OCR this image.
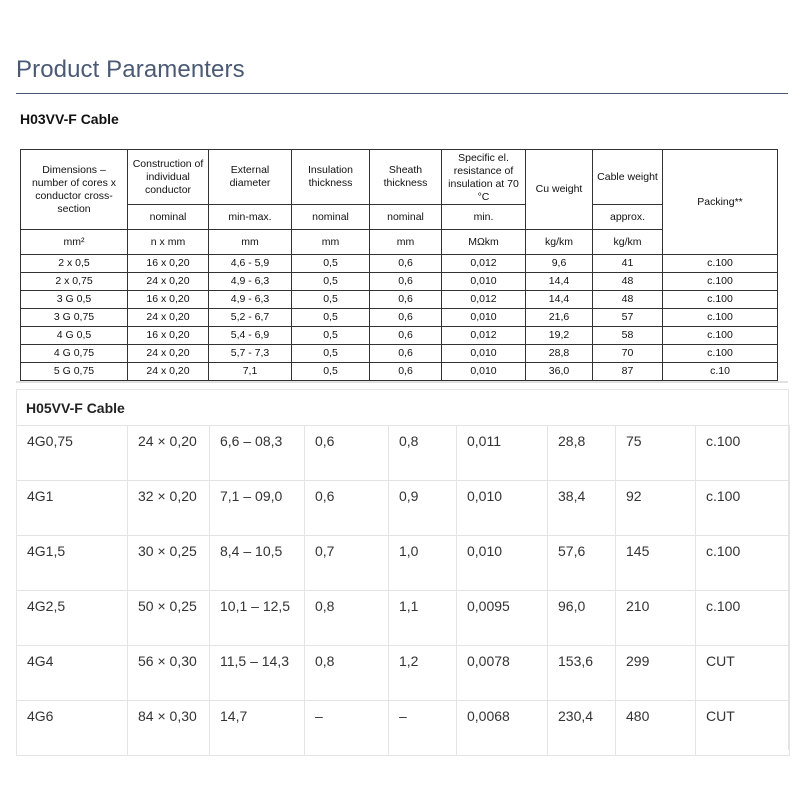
Product Paramenters
H03VV-F Cable
Dimensions – number of cores x conductor cross-section	Construction of individual conductor	External diameter	Insulation thickness	Sheath thickness	Specific el. resistance of insulation at 70 °C	Cu weight	Cable weight	Packing**
	nominal	min-max.	nominal	nominal	min.		approx.	
mm²	n x mm	mm	mm	mm	MΩkm	kg/km	kg/km	
2 x 0,5	16 x 0,20	4,6 - 5,9	0,5	0,6	0,012	9,6	41	c.100
2 x 0,75	24 x 0,20	4,9 - 6,3	0,5	0,6	0,010	14,4	48	c.100
3 G 0,5	16 x 0,20	4,9 - 6,3	0,5	0,6	0,012	14,4	48	c.100
3 G 0,75	24 x 0,20	5,2 - 6,7	0,5	0,6	0,010	21,6	57	c.100
4 G 0,5	16 x 0,20	5,4 - 6,9	0,5	0,6	0,012	19,2	58	c.100
4 G 0,75	24 x 0,20	5,7 - 7,3	0,5	0,6	0,010	28,8	70	c.100
5 G 0,75	24 x 0,20	7,1	0,5	0,6	0,010	36,0	87	c.10
H05VV-F Cable
4G0,75	24 × 0,20	6,6 – 08,3	0,6	0,8	0,011	28,8	75	c.100
4G1	32 × 0,20	7,1 – 09,0	0,6	0,9	0,010	38,4	92	c.100
4G1,5	30 × 0,25	8,4 – 10,5	0,7	1,0	0,010	57,6	145	c.100
4G2,5	50 × 0,25	10,1 – 12,5	0,8	1,1	0,0095	96,0	210	c.100
4G4	56 × 0,30	11,5 – 14,3	0,8	1,2	0,0078	153,6	299	CUT
4G6	84 × 0,30	14,7	–	–	0,0068	230,4	480	CUT
